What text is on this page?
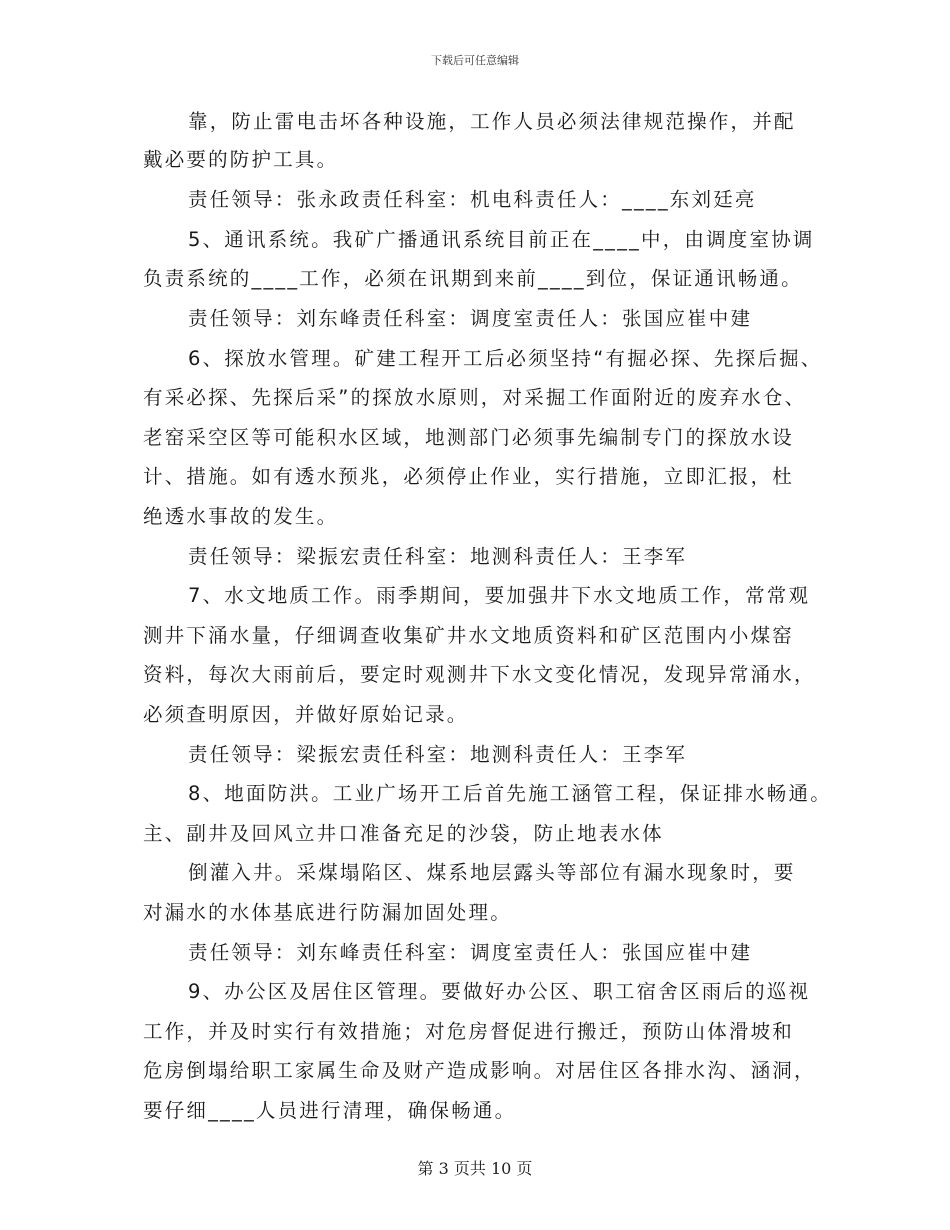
下载后可任意编辑
靠，防止雷电击坏各种设施，工作人员必须法律规范操作，并配
戴必要的防护工具。
责任领导：张永政责任科室：机电科责任人：____东刘廷亮
5、通讯系统。我矿广播通讯系统目前正在____中，由调度室协调
负责系统的____工作，必须在讯期到来前____到位，保证通讯畅通。
责任领导：刘东峰责任科室：调度室责任人：张国应崔中建
6、探放水管理。矿建工程开工后必须坚持“有掘必探、先探后掘、
有采必探、先探后采”的探放水原则，对采掘工作面附近的废弃水仓、
老窑采空区等可能积水区域，地测部门必须事先编制专门的探放水设
计、措施。如有透水预兆，必须停止作业，实行措施，立即汇报，杜
绝透水事故的发生。
责任领导：梁振宏责任科室：地测科责任人：王李军
7、水文地质工作。雨季期间，要加强井下水文地质工作，常常观
测井下涌水量，仔细调查收集矿井水文地质资料和矿区范围内小煤窑
资料，每次大雨前后，要定时观测井下水文变化情况，发现异常涌水，
必须查明原因，并做好原始记录。
责任领导：梁振宏责任科室：地测科责任人：王李军
8、地面防洪。工业广场开工后首先施工涵管工程，保证排水畅通。
主、副井及回风立井口准备充足的沙袋，防止地表水体
倒灌入井。采煤塌陷区、煤系地层露头等部位有漏水现象时，要
对漏水的水体基底进行防漏加固处理。
责任领导：刘东峰责任科室：调度室责任人：张国应崔中建
9、办公区及居住区管理。要做好办公区、职工宿舍区雨后的巡视
工作，并及时实行有效措施；对危房督促进行搬迁，预防山体滑坡和
危房倒塌给职工家属生命及财产造成影响。对居住区各排水沟、涵洞，
要仔细____人员进行清理，确保畅通。
第 3 页共 10 页
